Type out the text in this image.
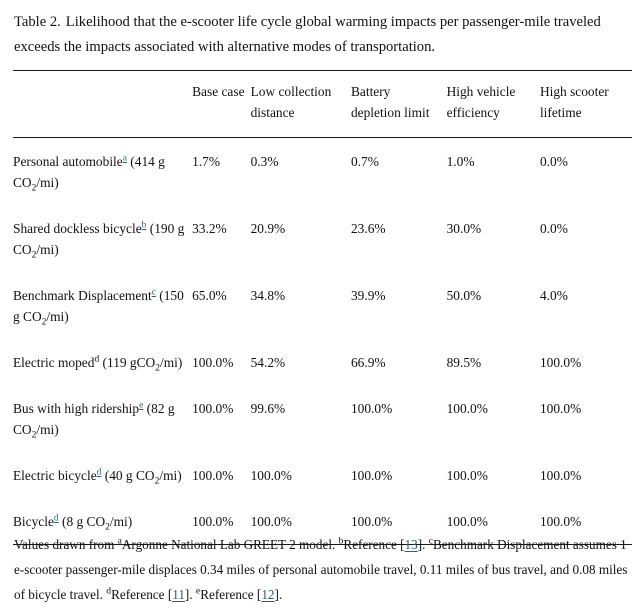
Table 2. Likelihood that the e-scooter life cycle global warming impacts per passenger-mile traveled exceeds the impacts associated with alternative modes of transportation.

	Base case	Low collection distance	Battery depletion limit	High vehicle efficiency	High scooter lifetime
Personal automobile$^a$ (414 g $CO_2/mi$)	1.7%	0.3%	0.7%	1.0%	0.0%
Shared dockless bicycle$^b$ (190 g $CO_2/mi$)	33.2%	20.9%	23.6%	30.0%	0.0%
Benchmark Displacement$^c$ (150 g $CO_2/mi$)	65.0%	34.8%	39.9%	50.0%	4.0%
Electric moped$^d$ (119 gCO$_2$/mi)	100.0%	54.2%	66.9%	89.5%	100.0%
Bus with high ridership$^e$ (82 g $CO_2/mi$)	100.0%	99.6%	100.0%	100.0%	100.0%
Electric bicycle$^d$ (40 g $CO_2/mi$)	100.0%	100.0%	100.0%	100.0%	100.0%
Bicycle$^d$ (8 g $CO_2/mi$)	100.0%	100.0%	100.0%	100.0%	100.0%
Values drawn from $^a$Argonne National Lab GREET 2 model. $^b$Reference [13]. $^c$Benchmark Displacement assumes 1 e-scooter passenger-mile displaces 0.34 miles of personal automobile travel, 0.11 miles of bus travel, and 0.08 miles of bicycle travel. $^d$Reference [11]. $^e$Reference [12].
